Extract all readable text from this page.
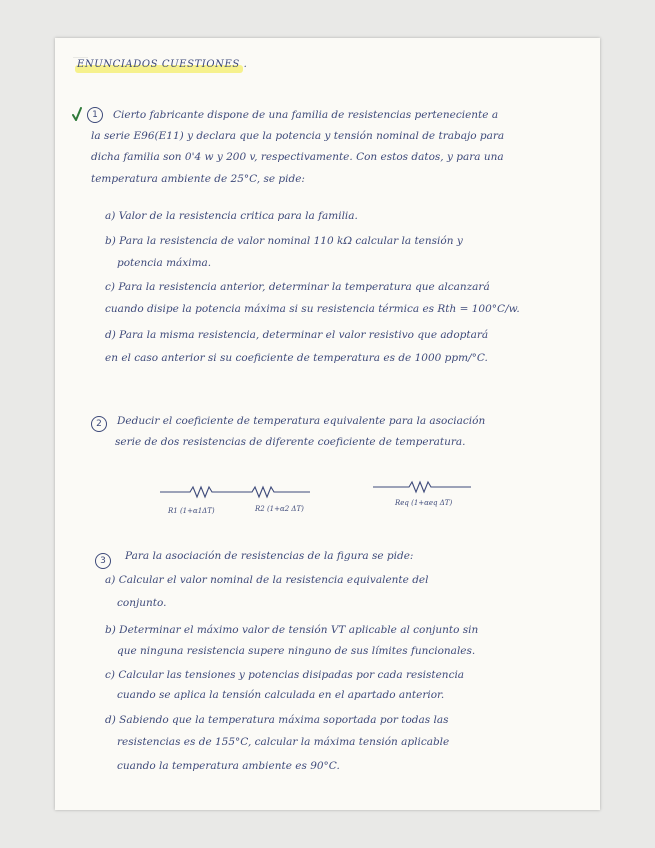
__________
ENUNCIADOS CUESTIONES .
1	Cierto fabricante dispone de una familia de resistencias perteneciente a
la serie E96(E11) y declara que la potencia y tensión nominal de trabajo para
dicha familia son 0'4 w y 200 v, respectivamente. Con estos datos, y para una
temperatura ambiente de 25°C, se pide:
a) Valor de la resistencia critica para la familia.
b) Para la resistencia de valor nominal 110 kΩ calcular la tensión y
potencia máxima.
c) Para la resistencia anterior, determinar la temperatura que alcanzará
cuando disipe la potencia máxima si su resistencia térmica es Rth = 100°C/w.
d) Para la misma resistencia, determinar el valor resistivo que adoptará
en el caso anterior si su coeficiente de temperatura es de 1000 ppm/°C.
2	Deducir el coeficiente de temperatura equivalente para la asociación
serie de dos resistencias de diferente coeficiente de temperatura.
R1 (1+α1ΔT)	R2 (1+α2 ΔT)
Req (1+αeq ΔT)
3	Para la asociación de resistencias de la figura se pide:
a) Calcular el valor nominal de la resistencia equivalente del
conjunto.
b) Determinar el máximo valor de tensión VT aplicable al conjunto sin
que ninguna resistencia supere ninguno de sus límites funcionales.
c) Calcular las tensiones y potencias disipadas por cada resistencia
cuando se aplica la tensión calculada en el apartado anterior.
d) Sabiendo que la temperatura máxima soportada por todas las
resistencias es de 155°C, calcular la máxima tensión aplicable
cuando la temperatura ambiente es 90°C.
